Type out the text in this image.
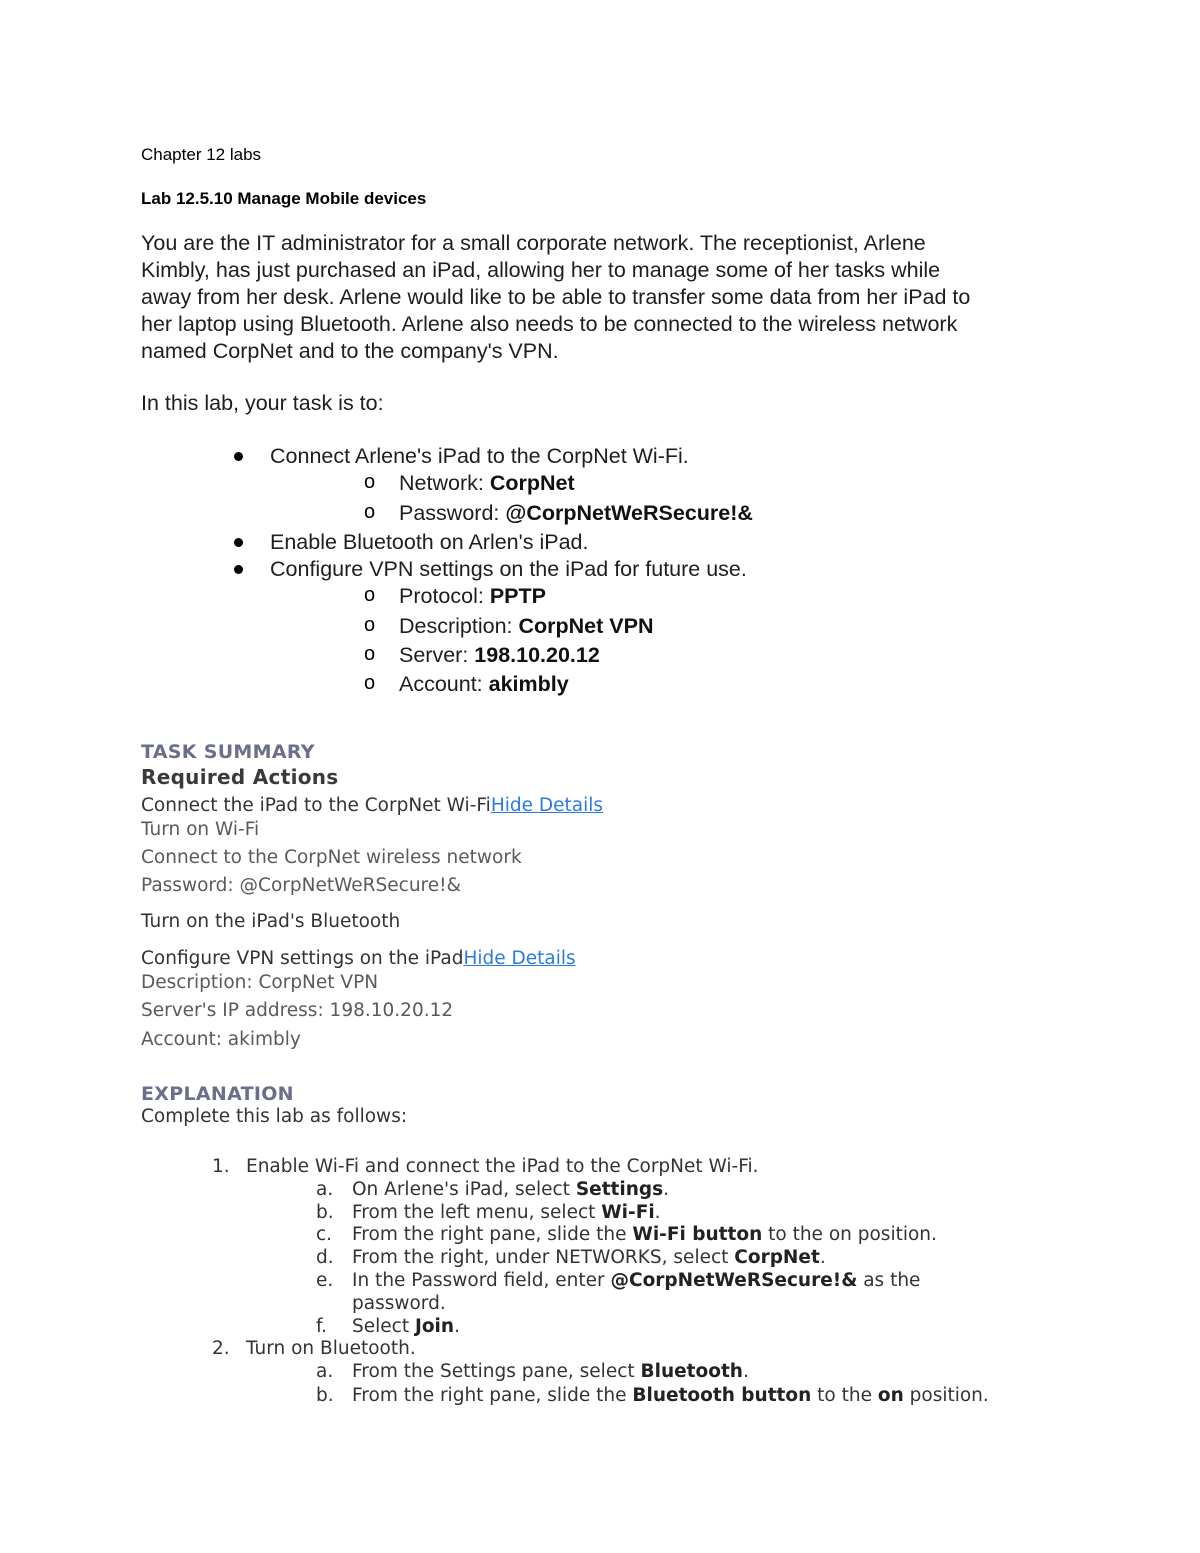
Chapter 12 labs
Lab 12.5.10 Manage Mobile devices
You are the IT administrator for a small corporate network. The receptionist, Arlene
Kimbly, has just purchased an iPad, allowing her to manage some of her tasks while
away from her desk. Arlene would like to be able to transfer some data from her iPad to
her laptop using Bluetooth. Arlene also needs to be connected to the wireless network
named CorpNet and to the company's VPN.
In this lab, your task is to:
Connect Arlene's iPad to the CorpNet Wi-Fi.
o Network: CorpNet
o Password: @CorpNetWeRSecure!&
Enable Bluetooth on Arlen's iPad.
Configure VPN settings on the iPad for future use.
o Protocol: PPTP
o Description: CorpNet VPN
o Server: 198.10.20.12
o Account: akimbly
TASK SUMMARY
Required Actions
Connect the iPad to the CorpNet Wi-FiHide Details
Turn on Wi-Fi
Connect to the CorpNet wireless network
Password: @CorpNetWeRSecure!&
Turn on the iPad's Bluetooth
Configure VPN settings on the iPadHide Details
Description: CorpNet VPN
Server's IP address: 198.10.20.12
Account: akimbly
EXPLANATION
Complete this lab as follows:
1. Enable Wi-Fi and connect the iPad to the CorpNet Wi-Fi.
a. On Arlene's iPad, select Settings.
b. From the left menu, select Wi-Fi.
c. From the right pane, slide the Wi-Fi button to the on position.
d. From the right, under NETWORKS, select CorpNet.
e. In the Password field, enter @CorpNetWeRSecure!& as the
password.
f. Select Join.
2. Turn on Bluetooth.
a. From the Settings pane, select Bluetooth.
b. From the right pane, slide the Bluetooth button to the on position.
